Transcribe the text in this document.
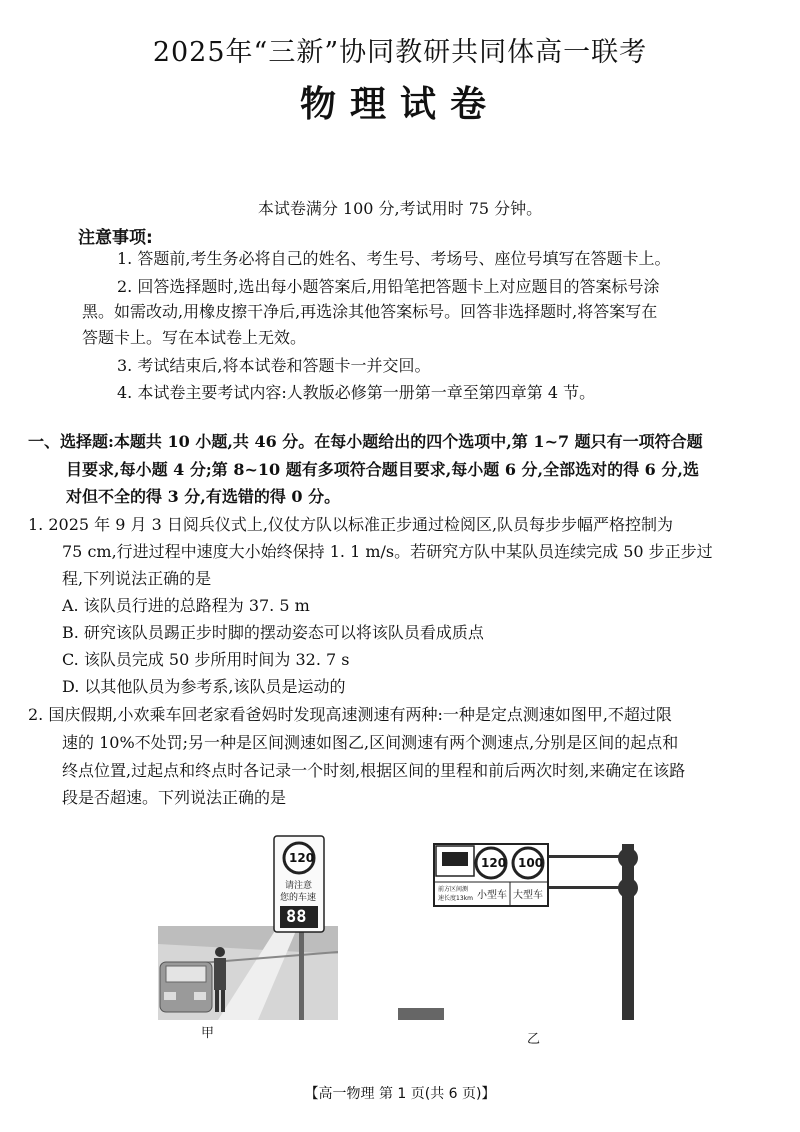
2025年“三新”协同教研共同体高一联考
物理试卷
本试卷满分 100 分,考试用时 75 分钟。
注意事项:

1. 答题前,考生务必将自己的姓名、考生号、考场号、座位号填写在答题卡上。

2. 回答选择题时,选出每小题答案后,用铅笔把答题卡上对应题目的答案标号涂

黑。如需改动,用橡皮擦干净后,再选涂其他答案标号。回答非选择题时,将答案写在

答题卡上。写在本试卷上无效。

3. 考试结束后,将本试卷和答题卡一并交回。

4. 本试卷主要考试内容:人教版必修第一册第一章至第四章第 4 节。

一、选择题:本题共 10 小题,共 46 分。在每小题给出的四个选项中,第 1~7 题只有一项符合题

目要求,每小题 4 分;第 8~10 题有多项符合题目要求,每小题 6 分,全部选对的得 6 分,选

对但不全的得 3 分,有选错的得 0 分。

1. 2025 年 9 月 3 日阅兵仪式上,仪仗方队以标准正步通过检阅区,队员每步步幅严格控制为

75 cm,行进过程中速度大小始终保持 1. 1 m/s。若研究方队中某队员连续完成 50 步正步过

程,下列说法正确的是

A. 该队员行进的总路程为 37. 5 m

B. 研究该队员踢正步时脚的摆动姿态可以将该队员看成质点

C. 该队员完成 50 步所用时间为 32. 7 s

D. 以其他队员为参考系,该队员是运动的

2. 国庆假期,小欢乘车回老家看爸妈时发现高速测速有两种:一种是定点测速如图甲,不超过限

速的 10%不处罚;另一种是区间测速如图乙,区间测速有两个测速点,分别是区间的起点和

终点位置,过起点和终点时各记录一个时刻,根据区间的里程和前后两次时刻,来确定在该路

段是否超速。下列说法正确的是

120
请注意
您的车速
88
甲
120 100
前方区间测
速长度13km 小型车 大型车
乙
【高一物理 第 1 页(共 6 页)】
